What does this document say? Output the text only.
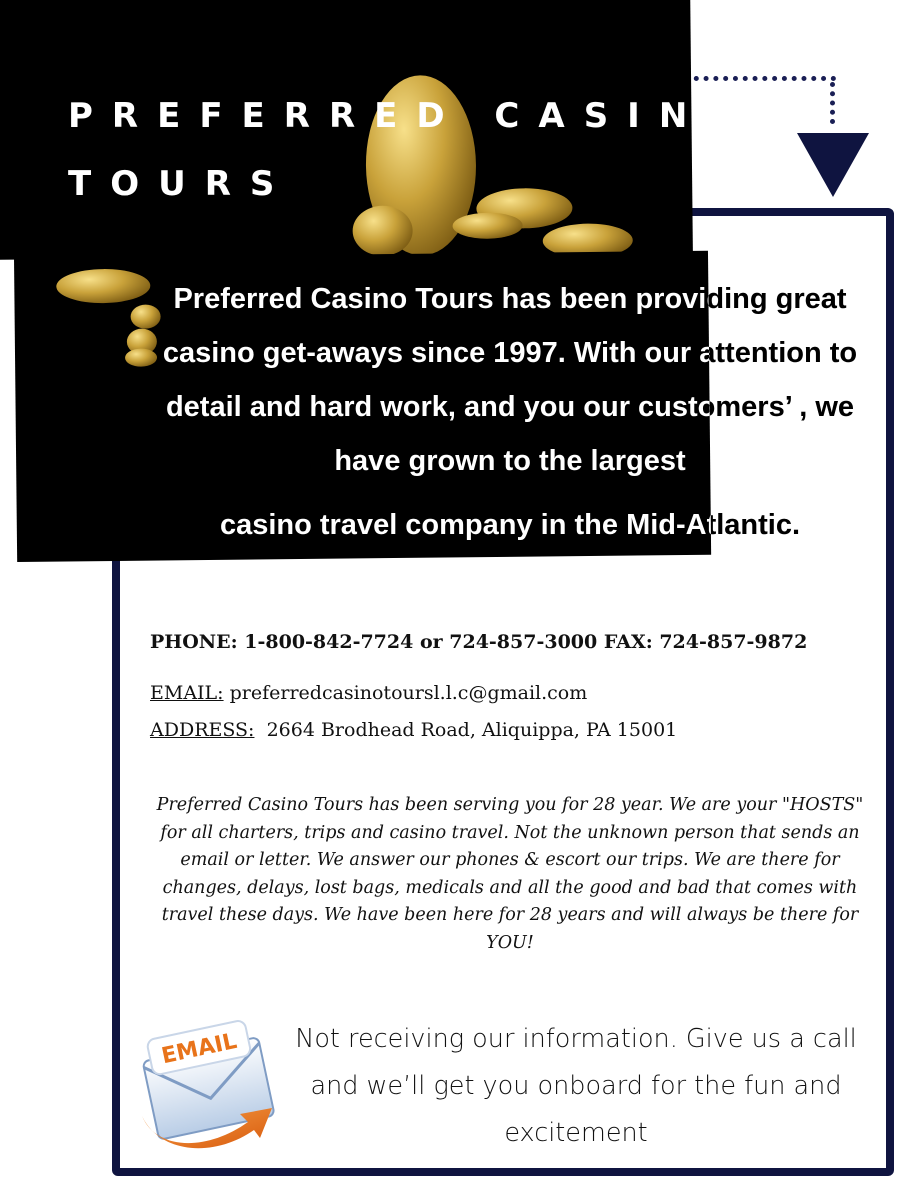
PREFERRED CASINO
TOURS

Preferred Casino Tours has been providing great casino get-aways since 1997. With our attention to detail and hard work, and you our customers’ , we have grown to the largest
casino travel company in the Mid-Atlantic.

PHONE: 1-800-842-7724 or 724-857-3000 FAX: 724-857-9872

EMAIL: preferredcasinotoursl.l.c@gmail.com

ADDRESS: 2664 Brodhead Road, Aliquippa, PA 15001

Preferred Casino Tours has been serving you for 28 year. We are your "HOSTS" for all charters, trips and casino travel. Not the unknown person that sends an email or letter. We answer our phones & escort our trips. We are there for changes, delays, lost bags, medicals and all the good and bad that comes with travel these days. We have been here for 28 years and will always be there for YOU!

EMAIL	Not receiving our information. Give us a call and we’ll get you onboard for the fun and excitement
